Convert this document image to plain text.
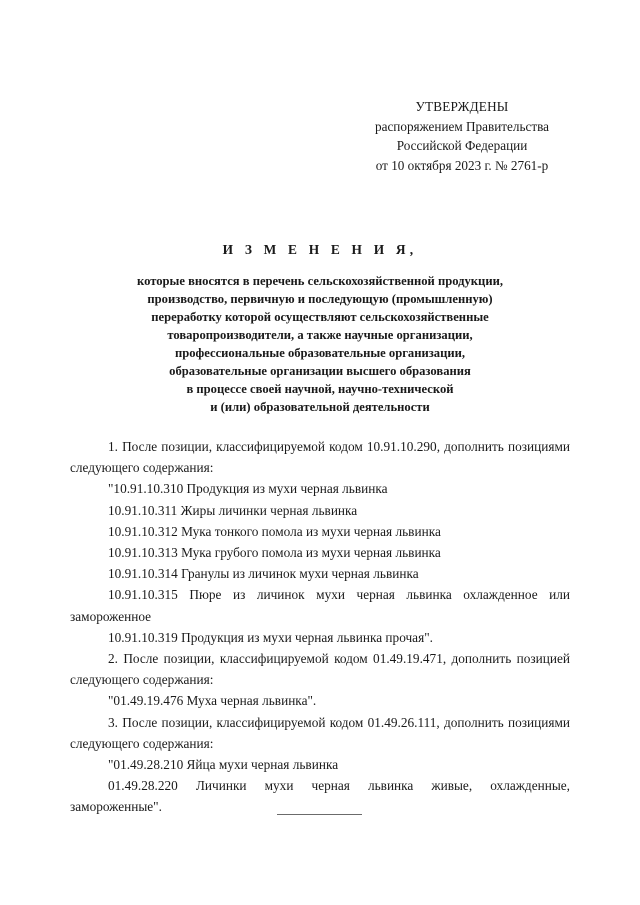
УТВЕРЖДЕНЫ
распоряжением Правительства
Российской Федерации
от 10 октября 2023 г. № 2761-р
И З М Е Н Е Н И Я,
которые вносятся в перечень сельскохозяйственной продукции,
производство, первичную и последующую (промышленную)
переработку которой осуществляют сельскохозяйственные
товаропроизводители, а также научные организации,
профессиональные образовательные организации,
образовательные организации высшего образования
в процессе своей научной, научно-технической
и (или) образовательной деятельности

1. После позиции, классифицируемой кодом 10.91.10.290, дополнить позициями следующего содержания:

"10.91.10.310 Продукция из мухи черная львинка

10.91.10.311 Жиры личинки черная львинка

10.91.10.312 Мука тонкого помола из мухи черная львинка

10.91.10.313 Мука грубого помола из мухи черная львинка

10.91.10.314 Гранулы из личинок мухи черная львинка

10.91.10.315 Пюре из личинок мухи черная львинка охлажденное или замороженное

10.91.10.319 Продукция из мухи черная львинка прочая".

2. После позиции, классифицируемой кодом 01.49.19.471, дополнить позицией следующего содержания:

"01.49.19.476 Муха черная львинка".

3. После позиции, классифицируемой кодом 01.49.26.111, дополнить позициями следующего содержания:

"01.49.28.210 Яйца мухи черная львинка

01.49.28.220 Личинки мухи черная львинка живые, охлажденные, замороженные".
